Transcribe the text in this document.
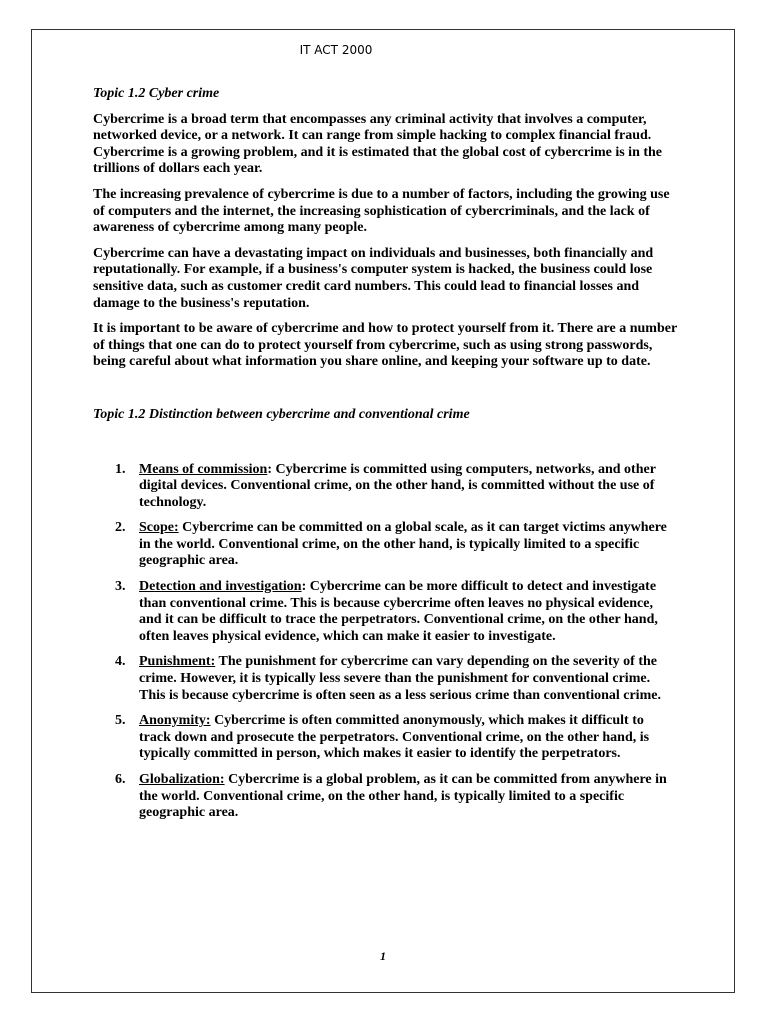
IT ACT 2000

Topic 1.2 Cyber crime

Cybercrime is a broad term that encompasses any criminal activity that involves a computer, networked device, or a network. It can range from simple hacking to complex financial fraud. Cybercrime is a growing problem, and it is estimated that the global cost of cybercrime is in the trillions of dollars each year.

The increasing prevalence of cybercrime is due to a number of factors, including the growing use of computers and the internet, the increasing sophistication of cybercriminals, and the lack of awareness of cybercrime among many people.

Cybercrime can have a devastating impact on individuals and businesses, both financially and reputationally. For example, if a business's computer system is hacked, the business could lose sensitive data, such as customer credit card numbers. This could lead to financial losses and damage to the business's reputation.

It is important to be aware of cybercrime and how to protect yourself from it. There are a number of things that one can do to protect yourself from cybercrime, such as using strong passwords, being careful about what information you share online, and keeping your software up to date.

Topic 1.2 Distinction between cybercrime and conventional crime

1. Means of commission: Cybercrime is committed using computers, networks, and other digital devices. Conventional crime, on the other hand, is committed without the use of technology.
2. Scope: Cybercrime can be committed on a global scale, as it can target victims anywhere in the world. Conventional crime, on the other hand, is typically limited to a specific geographic area.
3. Detection and investigation: Cybercrime can be more difficult to detect and investigate than conventional crime. This is because cybercrime often leaves no physical evidence, and it can be difficult to trace the perpetrators. Conventional crime, on the other hand, often leaves physical evidence, which can make it easier to investigate.
4. Punishment: The punishment for cybercrime can vary depending on the severity of the crime. However, it is typically less severe than the punishment for conventional crime. This is because cybercrime is often seen as a less serious crime than conventional crime.
5. Anonymity: Cybercrime is often committed anonymously, which makes it difficult to track down and prosecute the perpetrators. Conventional crime, on the other hand, is typically committed in person, which makes it easier to identify the perpetrators.
6. Globalization: Cybercrime is a global problem, as it can be committed from anywhere in the world. Conventional crime, on the other hand, is typically limited to a specific geographic area.
1
